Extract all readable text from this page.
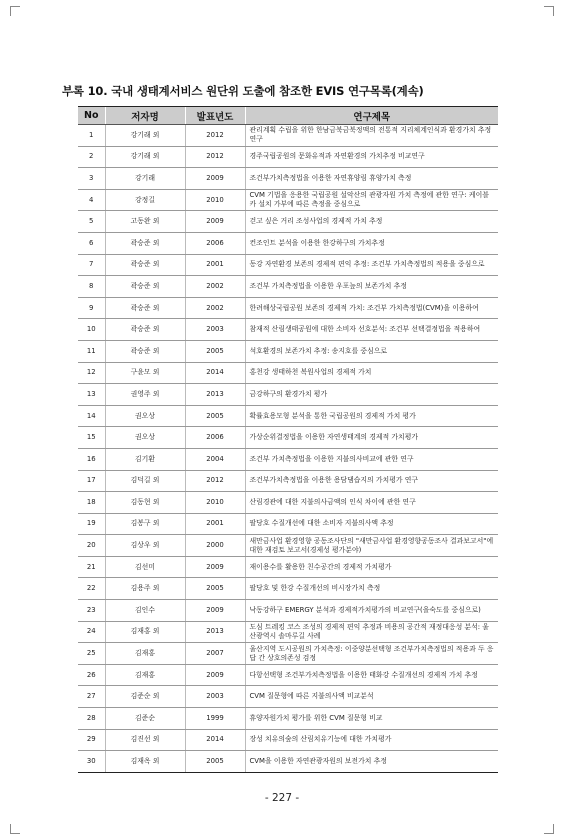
부록 10. 국내 생태계서비스 원단위 도출에 참조한 EVIS 연구목록(계속)
No	저자명	발표년도	연구제목
1	강기래 외	2012	관리계획 수립을 위한 한남금북금북정맥의 전통적 지리체계인식과 환경가치 추정 연구
2	강기래 외	2012	경주국립공원의 문화유적과 자연환경의 가치추정 비교연구
3	강기래	2009	조건부가치측정법을 이용한 자연휴양림 휴양가치 측정
4	강정길	2010	CVM 기법을 응용한 국립공원 설악산의 관광자원 가치 측정에 관한 연구: 케이블카 설치 가부에 따른 측정을 중심으로
5	고동완 외	2009	걷고 싶은 거리 조성사업의 경제적 가치 추정
6	곽승준 외	2006	컨조인트 분석을 이용한 한강하구의 가치추정
7	곽승준 외	2001	동강 자연환경 보존의 경제적 편익 추정: 조건부 가치측정법의 적용을 중심으로
8	곽승준 외	2002	조건부 가치측정법을 이용한 우포늪의 보존가치 추정
9	곽승준 외	2002	한려해상국립공원 보존의 경제적 가치: 조건부 가치측정법(CVM)을 이용하여
10	곽승준 외	2003	참재적 산림생태공원에 대한 소비자 선호분석: 조건부 선택결정법을 적용하여
11	곽승준 외	2005	석호환경의 보존가치 추정: 송지호를 중심으로
12	구윤모 외	2014	홍천강 생태하천 복원사업의 경제적 가치
13	권영주 외	2013	금강하구의 환경가치 평가
14	권오상	2005	확률효용모형 분석을 통한 국립공원의 경제적 가치 평가
15	권오상	2006	가상순위결정법을 이용한 자연생태계의 경제적 가치평가
16	김기환	2004	조건부 가치측정법을 이용한 지불의사비교에 관한 연구
17	김덕길 외	2012	조건부가치측정법을 이용한 용담댐습지의 가치평가 연구
18	김동현 외	2010	산림경관에 대한 지불의사금액의 인식 차이에 관한 연구
19	김봉구 외	2001	팔당호 수질개선에 대한 소비자 지불의사액 추정
20	김상우 외	2000	새만금사업 환경영향 공동조사단의 "새만금사업 환경영향공동조사 결과보고서"에 대한 재검토 보고서(경제성 평가분야)
21	김선미	2009	재이용수를 활용한 친수공간의 경제적 가치평가
22	김용주 외	2005	팔당호 및 한강 수질개선의 비시장가치 측정
23	김인수	2009	낙동강하구 EMERGY 분석과 경제적가치평가의 비교연구(을숙도를 중심으로)
24	김재홍 외	2013	도심 트레킹 코스 조성의 경제적 편익 추정과 비용의 공간적 재정대응성 분석: 울산광역시 솔마루길 사례
25	김재홍	2007	울산지역 도시공원의 가치측정: 이중양분선택형 조건부가치측정법의 적용과 두 응답 간 상호의존성 검정
26	김재홍	2009	다항선택형 조건부가치측정법을 이용한 태화강 수질개선의 경제적 가치 추정
27	김준순 외	2003	CVM 질문형에 따른 지불의사액 비교분석
28	김준순	1999	휴양자원가치 평가를 위한 CVM 질문형 비교
29	김진선 외	2014	장성 치유의숲의 산림치유기능에 대한 가치평가
30	김재옥 외	2005	CVM을 이용한 자연관광자원의 보전가치 추정
- 227 -
